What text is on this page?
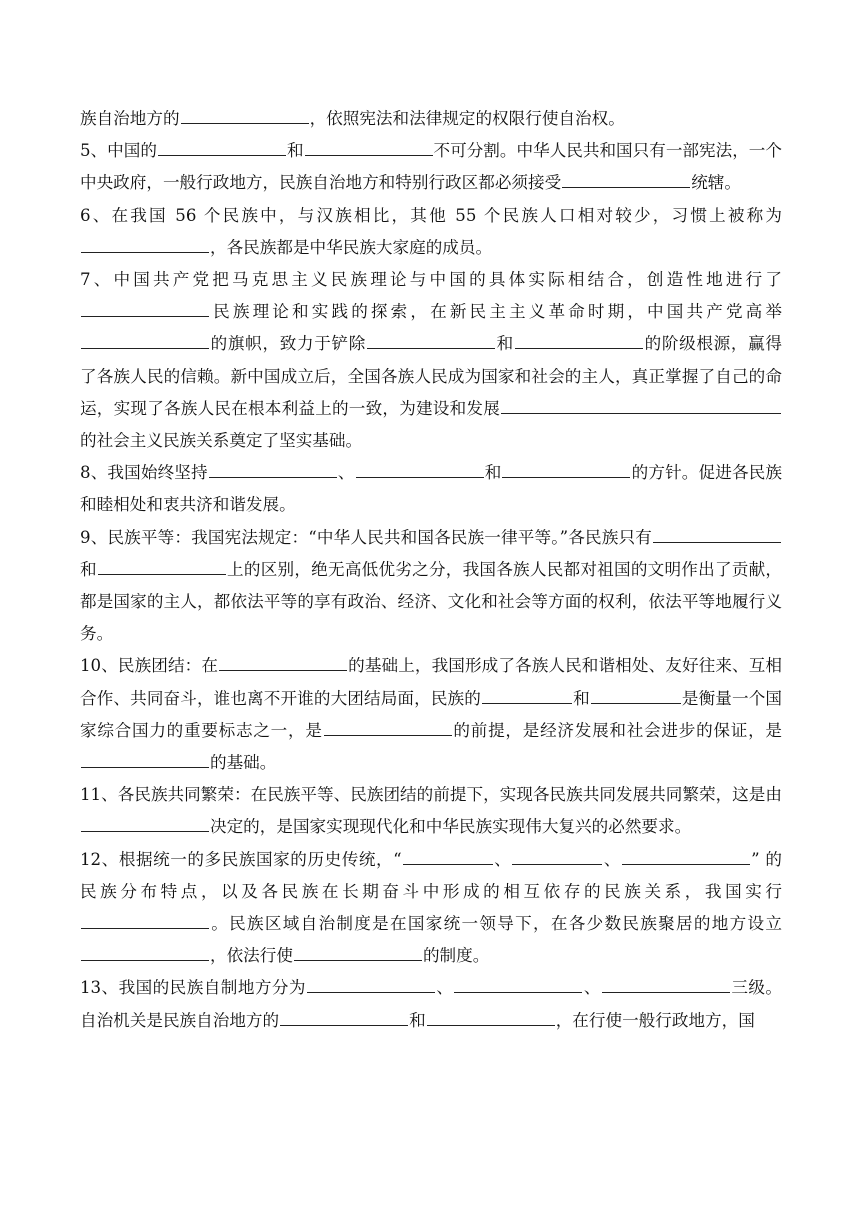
族自治地方的	，依照宪法和法律规定的权限行使自治权。

5、中国的	和	不可分割。中华人民共和国只有一部宪法，一个中央政府，一般行政地方，民族自治地方和特别行政区都必须接受	统辖。

6、在我国 56 个民族中，与汉族相比，其他 55 个民族人口相对较少，习惯上被称为，各民族都是中华民族大家庭的成员。

7、中国共产党把马克思主义民族理论与中国的具体实际相结合，创造性地进行了民族理论和实践的探索，在新民主主义革命时期，中国共产党高举的旗帜，致力于铲除	和	的阶级根源，赢得了各族人民的信赖。新中国成立后，全国各族人民成为国家和社会的主人，真正掌握了自己的命运，实现了各族人民在根本利益上的一致，为建设和发展的社会主义民族关系奠定了坚实基础。

8、我国始终坚持	、	和	的方针。促进各民族和睦相处和衷共济和谐发展。

9、民族平等：我国宪法规定：“中华人民共和国各民族一律平等。”各民族只有和	上的区别，绝无高低优劣之分，我国各族人民都对祖国的文明作出了贡献，都是国家的主人，都依法平等的享有政治、经济、文化和社会等方面的权利，依法平等地履行义务。

10、民族团结：在	的基础上，我国形成了各族人民和谐相处、友好往来、互相合作、共同奋斗，谁也离不开谁的大团结局面，民族的	和	是衡量一个国家综合国力的重要标志之一，是	的前提，是经济发展和社会进步的保证，是的基础。

11、各民族共同繁荣：在民族平等、民族团结的前提下，实现各民族共同发展共同繁荣，这是由决定的，是国家实现现代化和中华民族实现伟大复兴的必然要求。

12、根据统一的多民族国家的历史传统，“	、	、	” 的民族分布特点，以及各民族在长期奋斗中形成的相互依存的民族关系，我国实行。民族区域自治制度是在国家统一领导下，在各少数民族聚居的地方设立，依法行使	的制度。

13、我国的民族自制地方分为	、	、	三级。自治机关是民族自治地方的	和	，在行使一般行政地方，国
